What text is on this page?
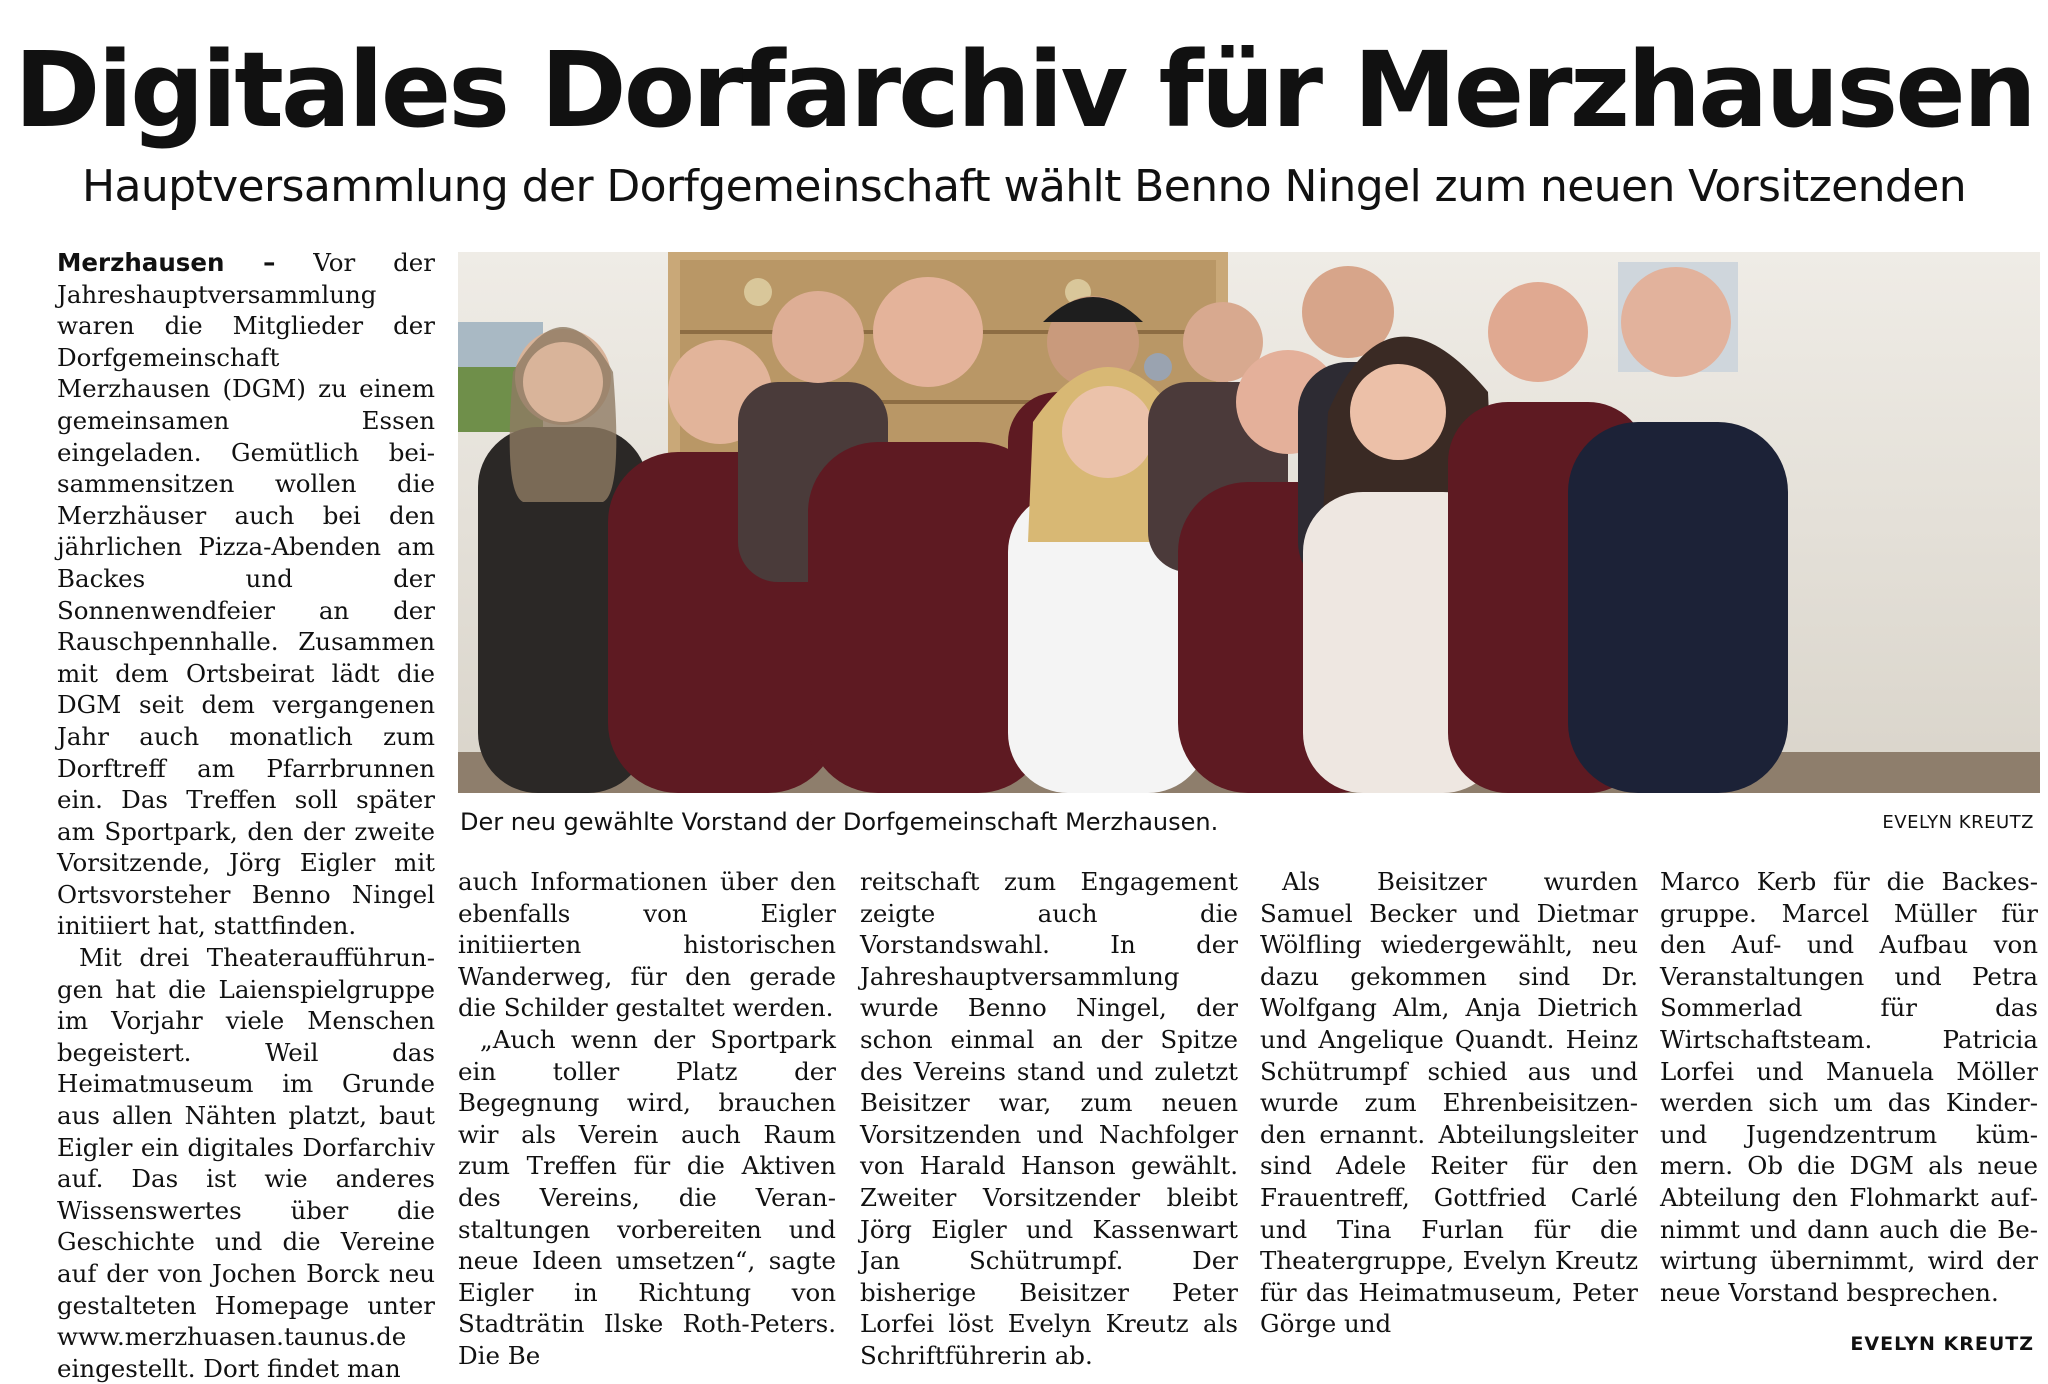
Digitales Dorfarchiv für Merzhausen
Hauptversammlung der Dorfgemeinschaft wählt Benno Ningel zum neuen Vorsitzenden

Merzhausen – Vor der Jahreshauptversammlung waren die Mitglieder der Dorfgemeinschaft Merzhausen (DGM) zu einem gemeinsamen Essen eingeladen. Gemütlich beisammensitzen wollen die Merzhäuser auch bei den jährlichen Pizza-Abenden am Backes und der Sonnenwendfeier an der Rauschpennhalle. Zusammen mit dem Ortsbeirat lädt die DGM seit dem vergangenen Jahr auch monatlich zum Dorftreff am Pfarrbrunnen ein. Das Treffen soll später am Sportpark, den der zweite Vorsitzende, Jörg Eigler mit Ortsvorsteher Benno Ningel initiiert hat, stattfinden.

Mit drei Theateraufführungen hat die Laienspielgruppe im Vorjahr viele Menschen begeistert. Weil das Heimatmuseum im Grunde aus allen Nähten platzt, baut Eigler ein digitales Dorfarchiv auf. Das ist wie anderes Wissenswertes über die Geschichte und die Vereine auf der von Jochen Borck neu gestalteten Homepage unter www.merzhuasen.taunus.de eingestellt. Dort findet man

Der neu gewählte Vorstand der Dorfgemeinschaft Merzhausen.	EVELYN KREUTZ

auch Informationen über den ebenfalls von Eigler initiierten historischen Wanderweg, für den gerade die Schilder gestaltet werden.

„Auch wenn der Sportpark ein toller Platz der Begegnung wird, brauchen wir als Verein auch Raum zum Treffen für die Aktiven des Vereins, die Veranstaltungen vorbereiten und neue Ideen umsetzen“, sagte Eigler in Richtung von Stadträtin Ilske Roth-Peters. Die Be

reitschaft zum Engagement zeigte auch die Vorstandswahl. In der Jahreshauptversammlung wurde Benno Ningel, der schon einmal an der Spitze des Vereins stand und zuletzt Beisitzer war, zum neuen Vorsitzenden und Nachfolger von Harald Hanson gewählt. Zweiter Vorsitzender bleibt Jörg Eigler und Kassenwart Jan Schütrumpf. Der bisherige Beisitzer Peter Lorfei löst Evelyn Kreutz als Schriftführerin ab.

Als Beisitzer wurden Samuel Becker und Dietmar Wölfling wiedergewählt, neu dazu gekommen sind Dr. Wolfgang Alm, Anja Dietrich und Angelique Quandt. Heinz Schütrumpf schied aus und wurde zum Ehrenbeisitzenden ernannt. Abteilungsleiter sind Adele Reiter für den Frauentreff, Gottfried Carlé und Tina Furlan für die Theatergruppe, Evelyn Kreutz für das Heimatmuseum, Peter Görge und

Marco Kerb für die Backesgruppe. Marcel Müller für den Auf- und Aufbau von Veranstaltungen und Petra Sommerlad für das Wirtschaftsteam. Patricia Lorfei und Manuela Möller werden sich um das Kinder- und Jugendzentrum kümmern. Ob die DGM als neue Abteilung den Flohmarkt aufnimmt und dann auch die Bewirtung übernimmt, wird der neue Vorstand besprechen.

EVELYN KREUTZ
